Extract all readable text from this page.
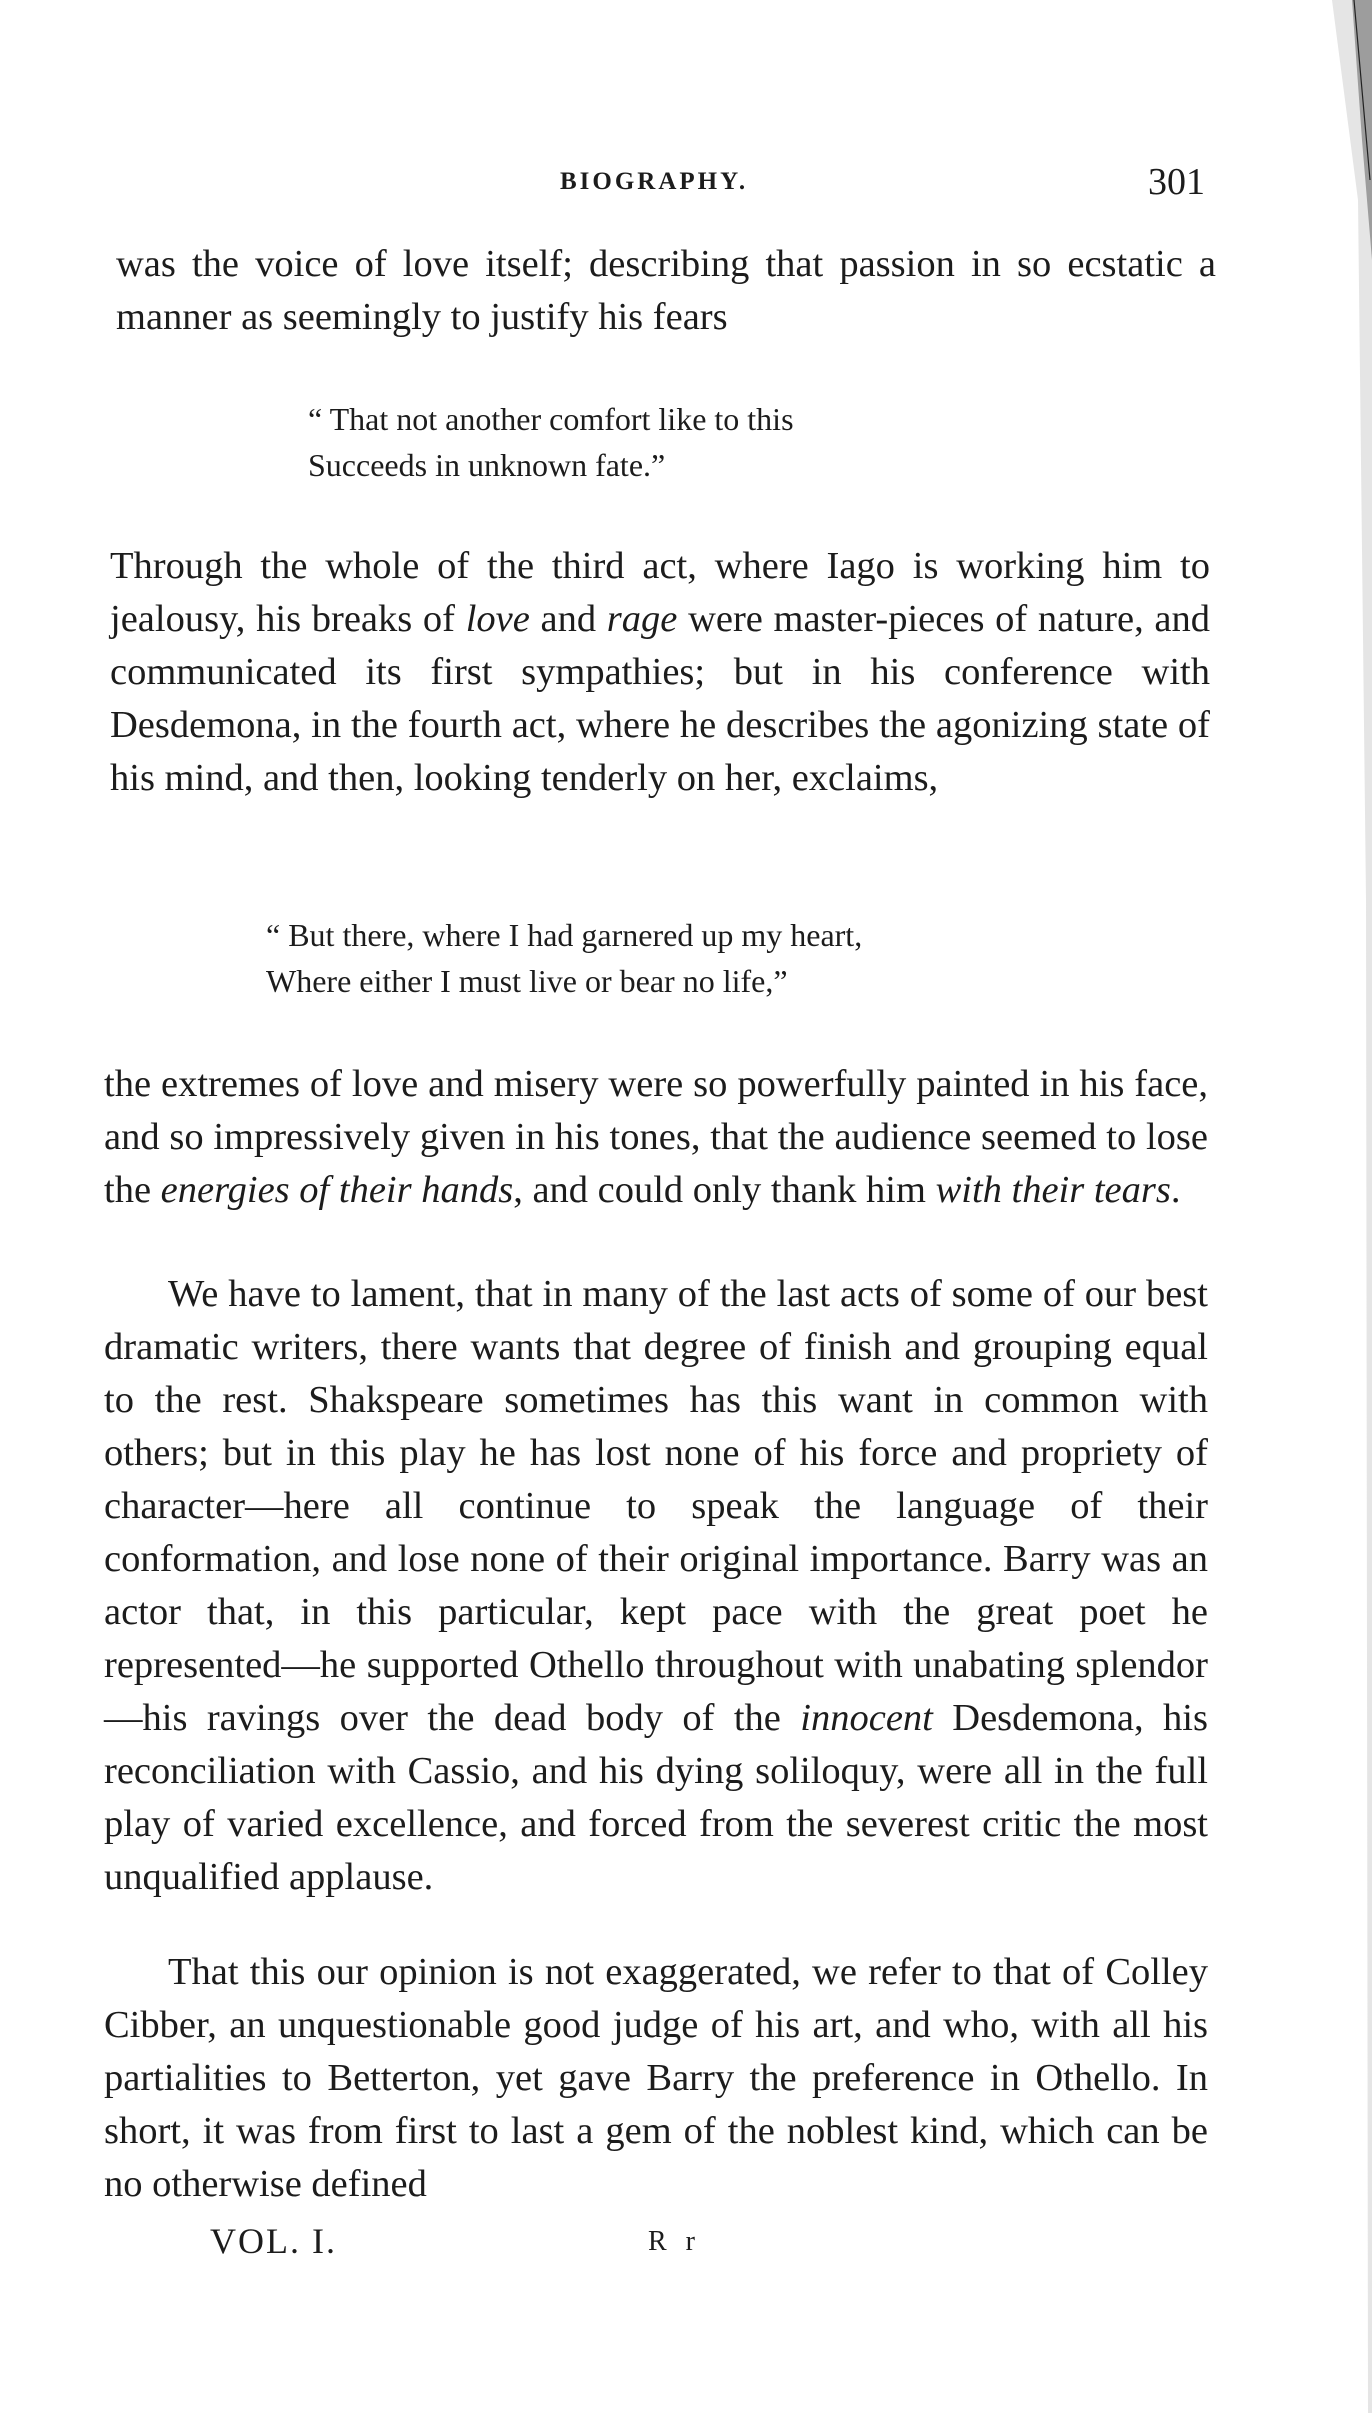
BIOGRAPHY.	301

was the voice of love itself; describing that passion in so ecstatic a manner as seemingly to justify his fears

“ That not another comfort like to this
Succeeds in unknown fate.”

Through the whole of the third act, where Iago is working him to jealousy, his breaks of love and rage were master-pieces of nature, and communicated its first sympathies; but in his conference with Desdemona, in the fourth act, where he describes the agonizing state of his mind, and then, looking tenderly on her, exclaims,

“ But there, where I had garnered up my heart,
Where either I must live or bear no life,”

the extremes of love and misery were so powerfully painted in his face, and so impressively given in his tones, that the audience seemed to lose the energies of their hands, and could only thank him with their tears.

We have to lament, that in many of the last acts of some of our best dramatic writers, there wants that degree of finish and grouping equal to the rest. Shakspeare sometimes has this want in common with others; but in this play he has lost none of his force and propriety of character—here all continue to speak the language of their conformation, and lose none of their original importance. Barry was an actor that, in this particular, kept pace with the great poet he represented—he supported Othello throughout with unabating splendor—his ravings over the dead body of the innocent Desdemona, his reconciliation with Cassio, and his dying soliloquy, were all in the full play of varied excellence, and forced from the severest critic the most unqualified applause.

That this our opinion is not exaggerated, we refer to that of Colley Cibber, an unquestionable good judge of his art, and who, with all his partialities to Betterton, yet gave Barry the preference in Othello. In short, it was from first to last a gem of the noblest kind, which can be no otherwise defined

VOL. I.	R r
